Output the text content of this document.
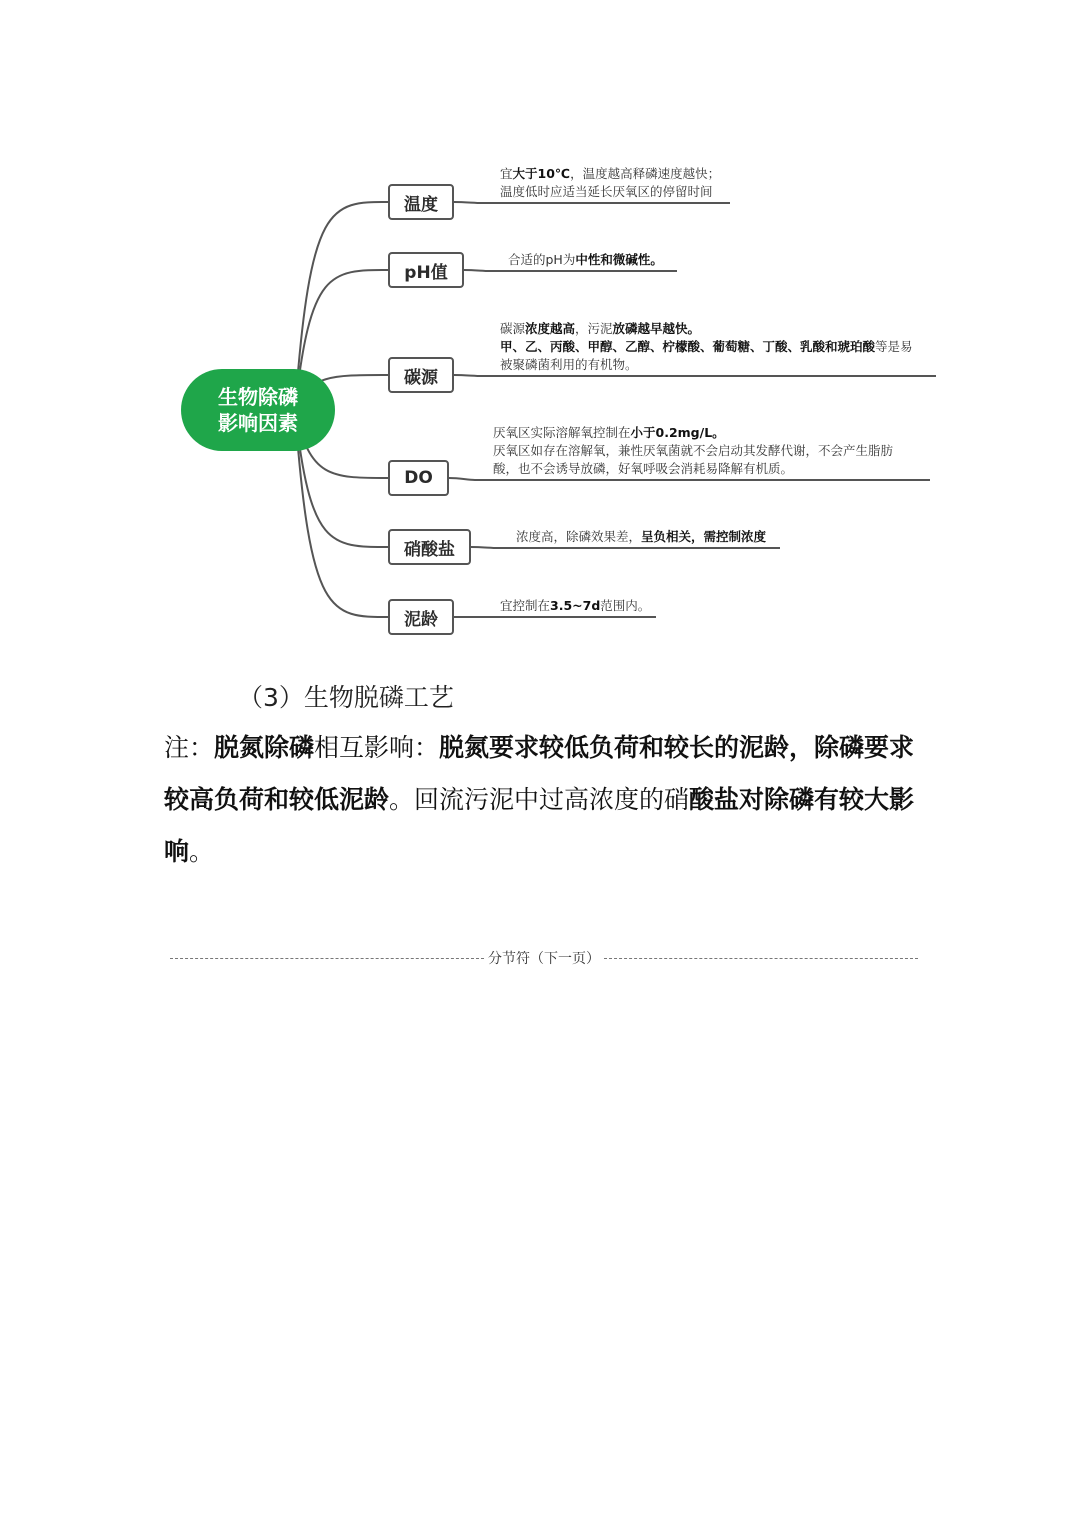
生物除磷
影响因素
温度
pH值
碳源
DO
硝酸盐
泥龄
宜大于10℃，温度越高释磷速度越快；
温度低时应适当延长厌氧区的停留时间
合适的pH为中性和微碱性。
碳源浓度越高，污泥放磷越早越快。
甲、乙、丙酸、甲醇、乙醇、柠檬酸、葡萄糖、丁酸、乳酸和琥珀酸等是易
被聚磷菌利用的有机物。
厌氧区实际溶解氧控制在小于0.2mg/L。
厌氧区如存在溶解氧，兼性厌氧菌就不会启动其发酵代谢，不会产生脂肪
酸，也不会诱导放磷，好氧呼吸会消耗易降解有机质。
浓度高，除磷效果差，呈负相关，需控制浓度
宜控制在3.5~7d范围内。
（3）生物脱磷工艺
注：脱氮除磷相互影响：脱氮要求较低负荷和较长的泥龄，除磷要求较高负荷和较低泥龄。回流污泥中过高浓度的硝酸盐对除磷有较大影响。
分节符（下一页）
